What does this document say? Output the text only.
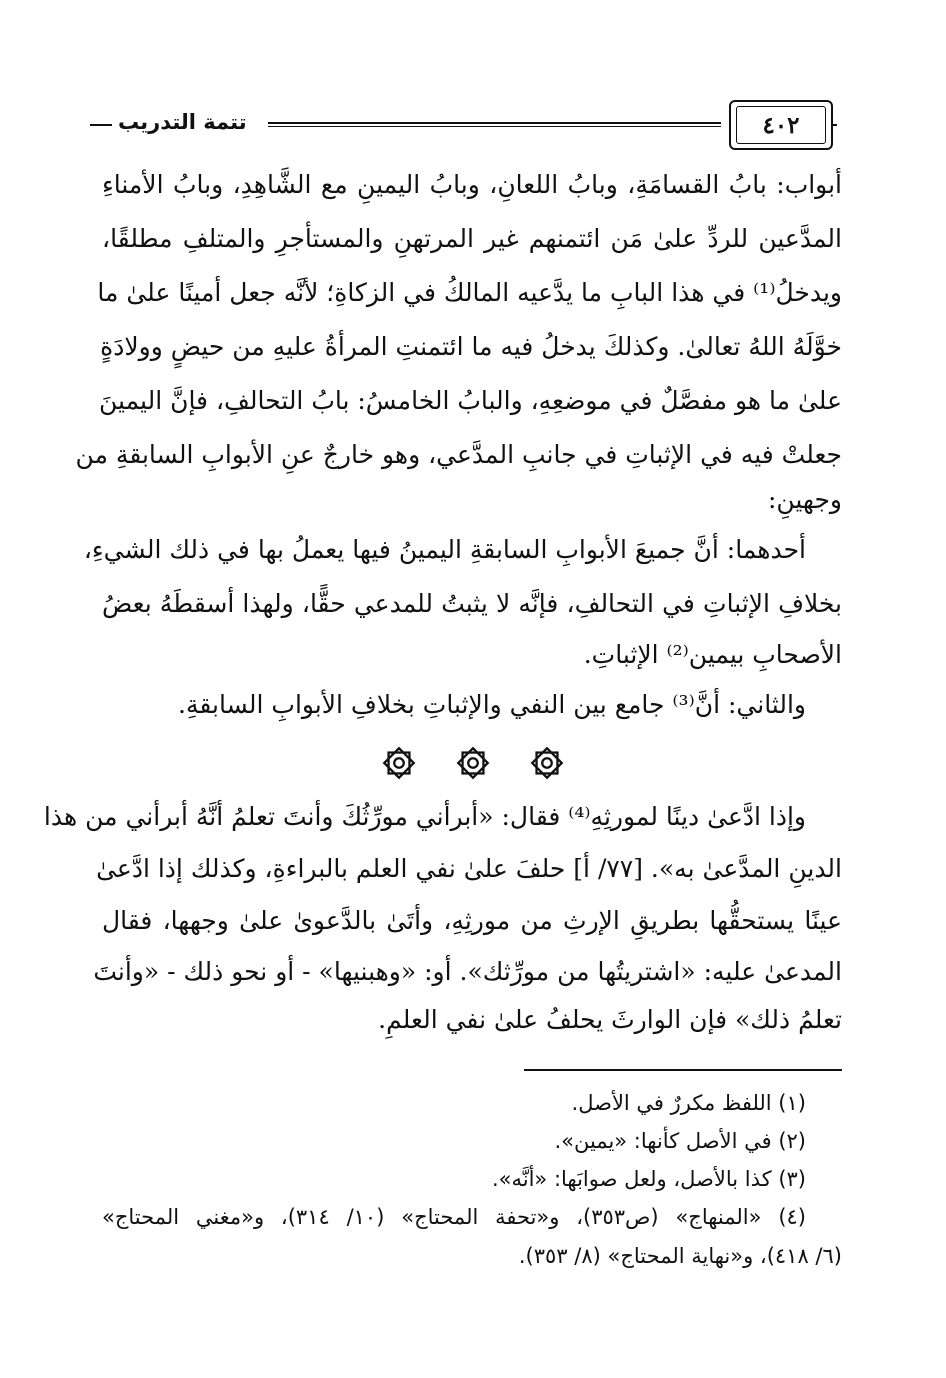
٤٠٢
تتمة التدريب
أبواب: بابُ القسامَةِ، وبابُ اللعانِ، وبابُ اليمينِ مع الشَّاهِدِ، وبابُ الأمناءِ
المدَّعين للردِّ علىٰ مَن ائتمنهم غير المرتهنِ والمستأجرِ والمتلفِ مطلقًا،
ويدخلُ⁽¹⁾ في هذا البابِ ما يدَّعيه المالكُ في الزكاةِ؛ لأنَّه جعل أمينًا علىٰ ما
خوَّلَهُ اللهُ تعالىٰ. وكذلكَ يدخلُ فيه ما ائتمنتِ المرأةُ عليهِ من حيضٍ وولادَةٍ
علىٰ ما هو مفصَّلٌ في موضعِهِ، والبابُ الخامسُ: بابُ التحالفِ، فإنَّ اليمينَ
جعلتْ فيه في الإثباتِ في جانبِ المدَّعي، وهو خارجٌ عنِ الأبوابِ السابقةِ من
وجهينِ:
أحدهما: أنَّ جميعَ الأبوابِ السابقةِ اليمينُ فيها يعملُ بها في ذلك الشيءِ،
بخلافِ الإثباتِ في التحالفِ، فإنَّه لا يثبتُ للمدعي حقًّا، ولهذا أسقطَهُ بعضُ
الأصحابِ بيمين⁽²⁾ الإثباتِ.
والثاني: أنَّ⁽³⁾ جامع بين النفي والإثباتِ بخلافِ الأبوابِ السابقةِ.
وإذا ادَّعىٰ دينًا لمورثِهِ⁽⁴⁾ فقال: «أبرأني مورِّثُكَ وأنتَ تعلمُ أنَّهُ أبرأني من هذا
الدينِ المدَّعىٰ به». [٧٧/ أ] حلفَ علىٰ نفي العلم بالبراءةِ، وكذلك إذا ادَّعىٰ
عينًا يستحقُّها بطريقِ الإرثِ من مورثِهِ، وأتَىٰ بالدَّعوىٰ علىٰ وجهها، فقال
المدعىٰ عليه: «اشتريتُها من مورِّثك». أو: «وهبنيها» - أو نحو ذلك - «وأنتَ
تعلمُ ذلك» فإن الوارثَ يحلفُ علىٰ نفي العلمِ.
(١) اللفظ مكررٌ في الأصل.
(٢) في الأصل كأنها: «يمين».
(٣) كذا بالأصل، ولعل صوابَها: «أنَّه».
(٤) «المنهاج» (ص٣٥٣)، و«تحفة المحتاج» (١٠/ ٣١٤)، و«مغني المحتاج»
(٦/ ٤١٨)، و«نهاية المحتاج» (٨/ ٣٥٣).
